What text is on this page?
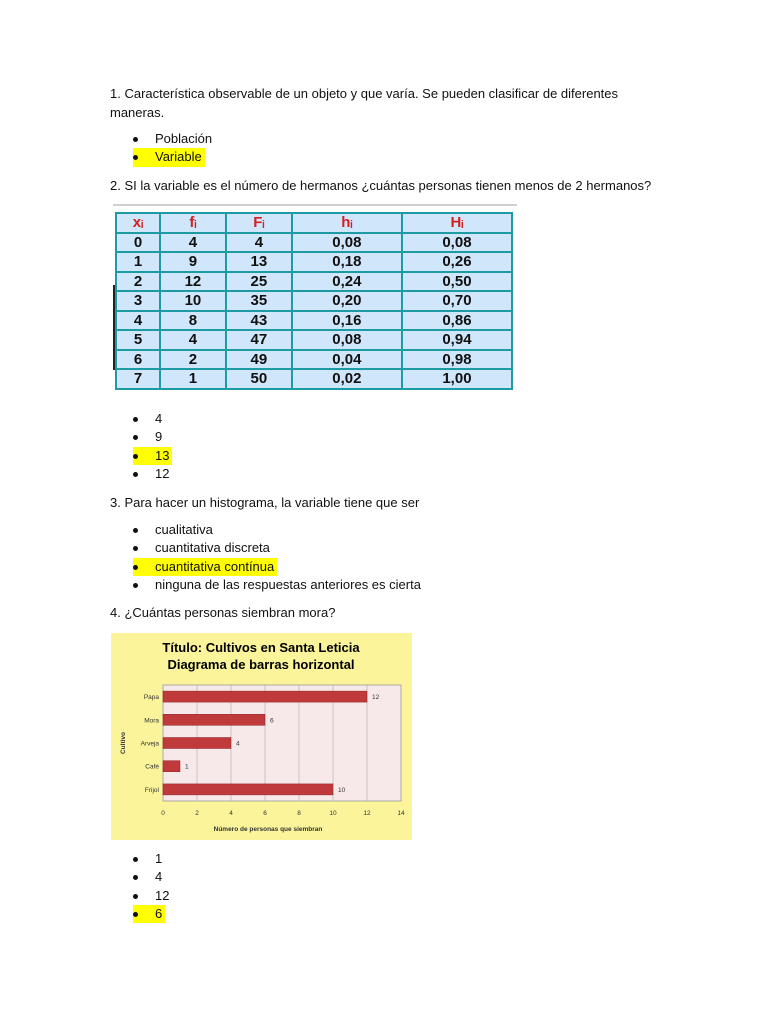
1. Característica observable de un objeto y que varía. Se pueden clasificar de diferentes maneras.
Población
Variable
2. SI la variable es el número de hermanos ¿cuántas personas tienen menos de 2 hermanos?
xᵢ	fᵢ	Fᵢ	hᵢ	Hᵢ
0	4	4	0,08	0,08
1	9	13	0,18	0,26
2	12	25	0,24	0,50
3	10	35	0,20	0,70
4	8	43	0,16	0,86
5	4	47	0,08	0,94
6	2	49	0,04	0,98
7	1	50	0,02	1,00
4
9
13
12
3. Para hacer un histograma, la variable tiene que ser
cualitativa
cuantitativa discreta
cuantitativa contínua
ninguna de las respuestas anteriores es cierta
4. ¿Cuántas personas siembran mora?
Título: Cultivos en Santa Leticia
Diagrama de barras horizontal
0	2	4	6	8	10	12	14
Papa	12
Mora	6
Arveja	4
Café	1
Frijol	10
Número de personas que siembran
Cultivo
1
4
12
6
